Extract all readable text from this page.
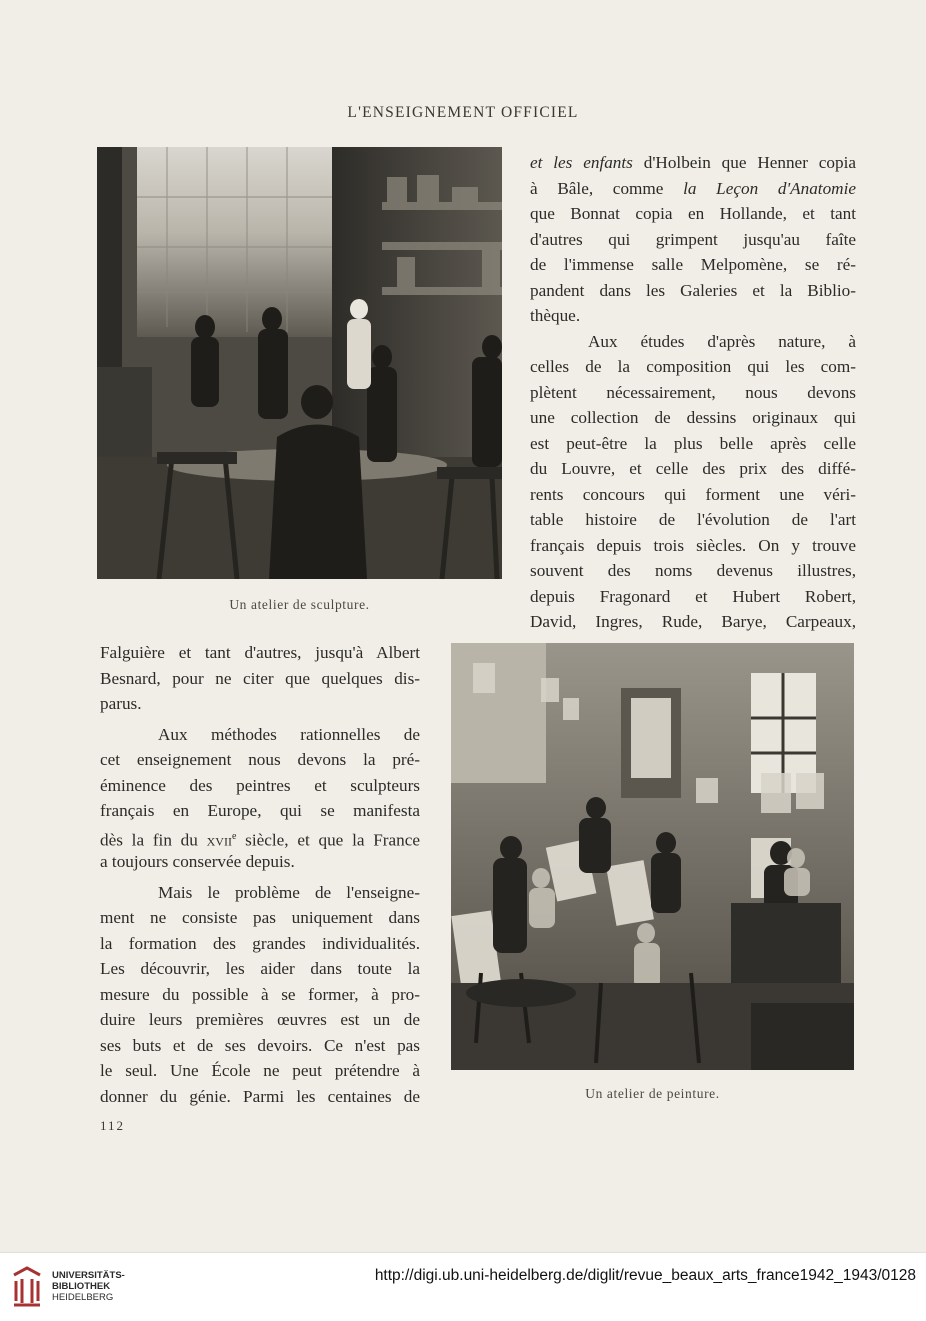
L'ENSEIGNEMENT OFFICIEL
Un atelier de sculpture.
et les enfants d'Holbein que Henner copia
à Bâle, comme la Leçon d'Anatomie
que Bonnat copia en Hollande, et tant
d'autres qui grimpent jusqu'au faîte
de l'immense salle Melpomène, se ré-
pandent dans les Galeries et la Biblio-
thèque.
Aux études d'après nature, à
celles de la composition qui les com-
plètent nécessairement, nous devons
une collection de dessins originaux qui
est peut-être la plus belle après celle
du Louvre, et celle des prix des diffé-
rents concours qui forment une véri-
table histoire de l'évolution de l'art
français depuis trois siècles. On y trouve
souvent des noms devenus illustres,
depuis Fragonard et Hubert Robert,
David, Ingres, Rude, Barye, Carpeaux,
Falguière et tant d'autres, jusqu'à Albert
Besnard, pour ne citer que quelques dis-
parus.
Aux méthodes rationnelles de
cet enseignement nous devons la pré-
éminence des peintres et sculpteurs
français en Europe, qui se manifesta
dès la fin du xvii$^e$ siècle, et que la France
a toujours conservée depuis.
Mais le problème de l'enseigne-
ment ne consiste pas uniquement dans
la formation des grandes individualités.
Les découvrir, les aider dans toute la
mesure du possible à se former, à pro-
duire leurs premières œuvres est un de
ses buts et de ses devoirs. Ce n'est pas
le seul. Une École ne peut prétendre à
donner du génie. Parmi les centaines de	Un atelier de peinture.
112
UNIVERSITÄTS-
BIBLIOTHEK
HEIDELBERG
http://digi.ub.uni-heidelberg.de/diglit/revue_beaux_arts_france1942_1943/0128
